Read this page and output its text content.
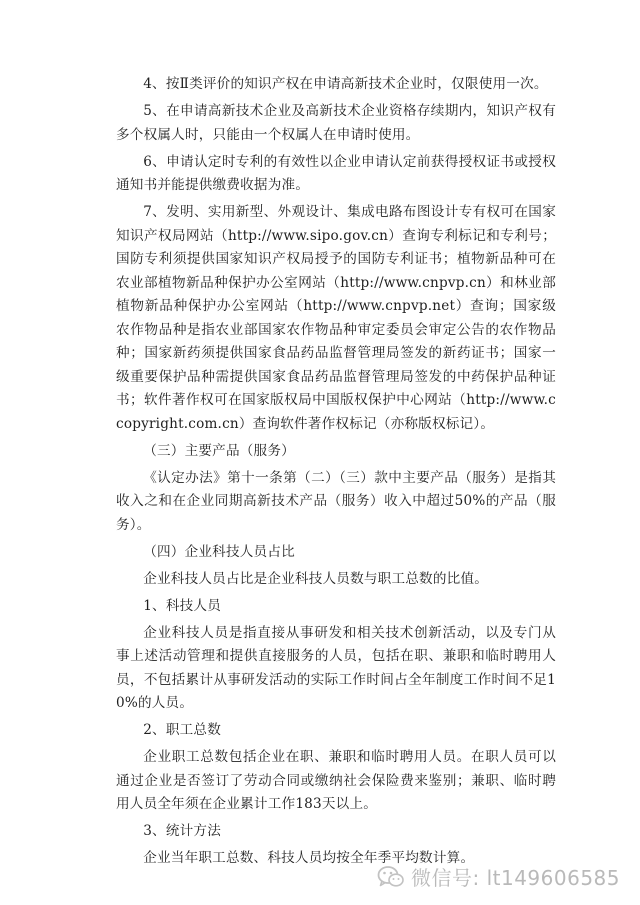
4、按Ⅱ类评价的知识产权在申请高新技术企业时，仅限使用一次。

5、在申请高新技术企业及高新技术企业资格存续期内，知识产权有多个权属人时，只能由一个权属人在申请时使用。

6、申请认定时专利的有效性以企业申请认定前获得授权证书或授权通知书并能提供缴费收据为准。

7、发明、实用新型、外观设计、集成电路布图设计专有权可在国家知识产权局网站（http://www.sipo.gov.cn）查询专利标记和专利号；国防专利须提供国家知识产权局授予的国防专利证书；植物新品种可在农业部植物新品种保护办公室网站（http://www.cnpvp.cn）和林业部植物新品种保护办公室网站（http://www.cnpvp.net）查询；国家级农作物品种是指农业部国家农作物品种审定委员会审定公告的农作物品种；国家新药须提供国家食品药品监督管理局签发的新药证书；国家一级重要保护品种需提供国家食品药品监督管理局签发的中药保护品种证书；软件著作权可在国家版权局中国版权保护中心网站（http://www.ccopyright.com.cn）查询软件著作权标记（亦称版权标记）。

（三）主要产品（服务）

《认定办法》第十一条第（二）（三）款中主要产品（服务）是指其收入之和在企业同期高新技术产品（服务）收入中超过50%的产品（服务）。

（四）企业科技人员占比

企业科技人员占比是企业科技人员数与职工总数的比值。

1、科技人员

企业科技人员是指直接从事研发和相关技术创新活动，以及专门从事上述活动管理和提供直接服务的人员，包括在职、兼职和临时聘用人员，不包括累计从事研发活动的实际工作时间占全年制度工作时间不足10%的人员。

2、职工总数

企业职工总数包括企业在职、兼职和临时聘用人员。在职人员可以通过企业是否签订了劳动合同或缴纳社会保险费来鉴别；兼职、临时聘用人员全年须在企业累计工作183天以上。

3、统计方法

企业当年职工总数、科技人员均按全年季平均数计算。

微信号: lt149606585
